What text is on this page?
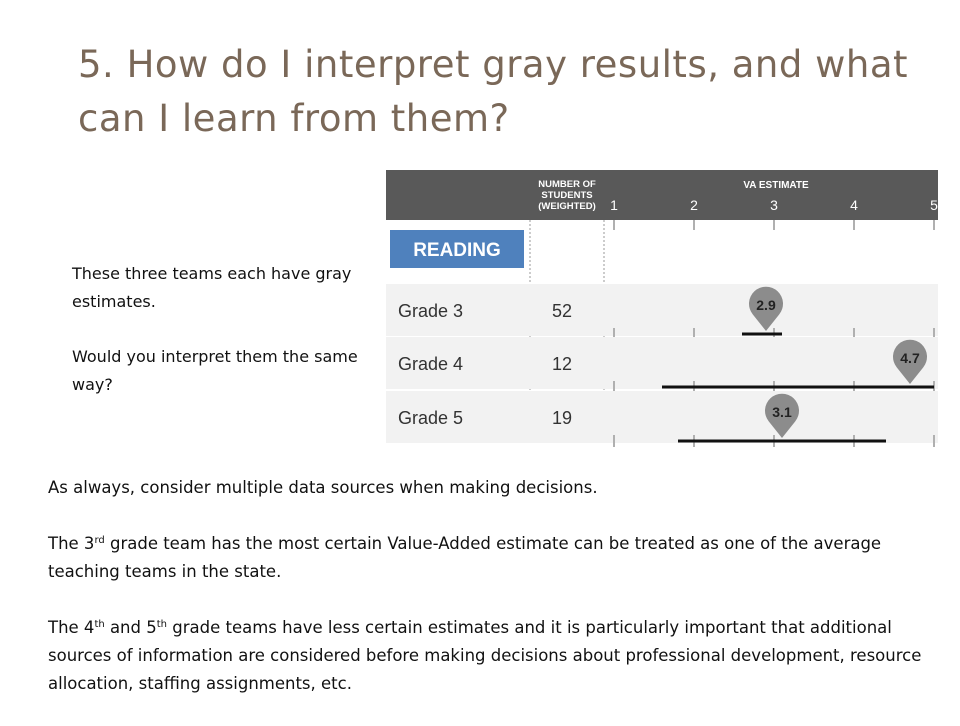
5. How do I interpret gray results, and what can I learn from them?

These three teams each have gray estimates.

Would you interpret them the same way?

As always, consider multiple data sources when making decisions.

The 3rd grade team has the most certain Value-Added estimate can be treated as one of the average teaching teams in the state.

The 4th and 5th grade teams have less certain estimates and it is particularly important that additional sources of information are considered before making decisions about professional development, resource allocation, staffing assignments, etc.

NUMBER OF
STUDENTS
(WEIGHTED)
VA ESTIMATE
1	2	3	4	5
READING
Grade 3	52	2.9
Grade 4	12	4.7
Grade 5	19	3.1
